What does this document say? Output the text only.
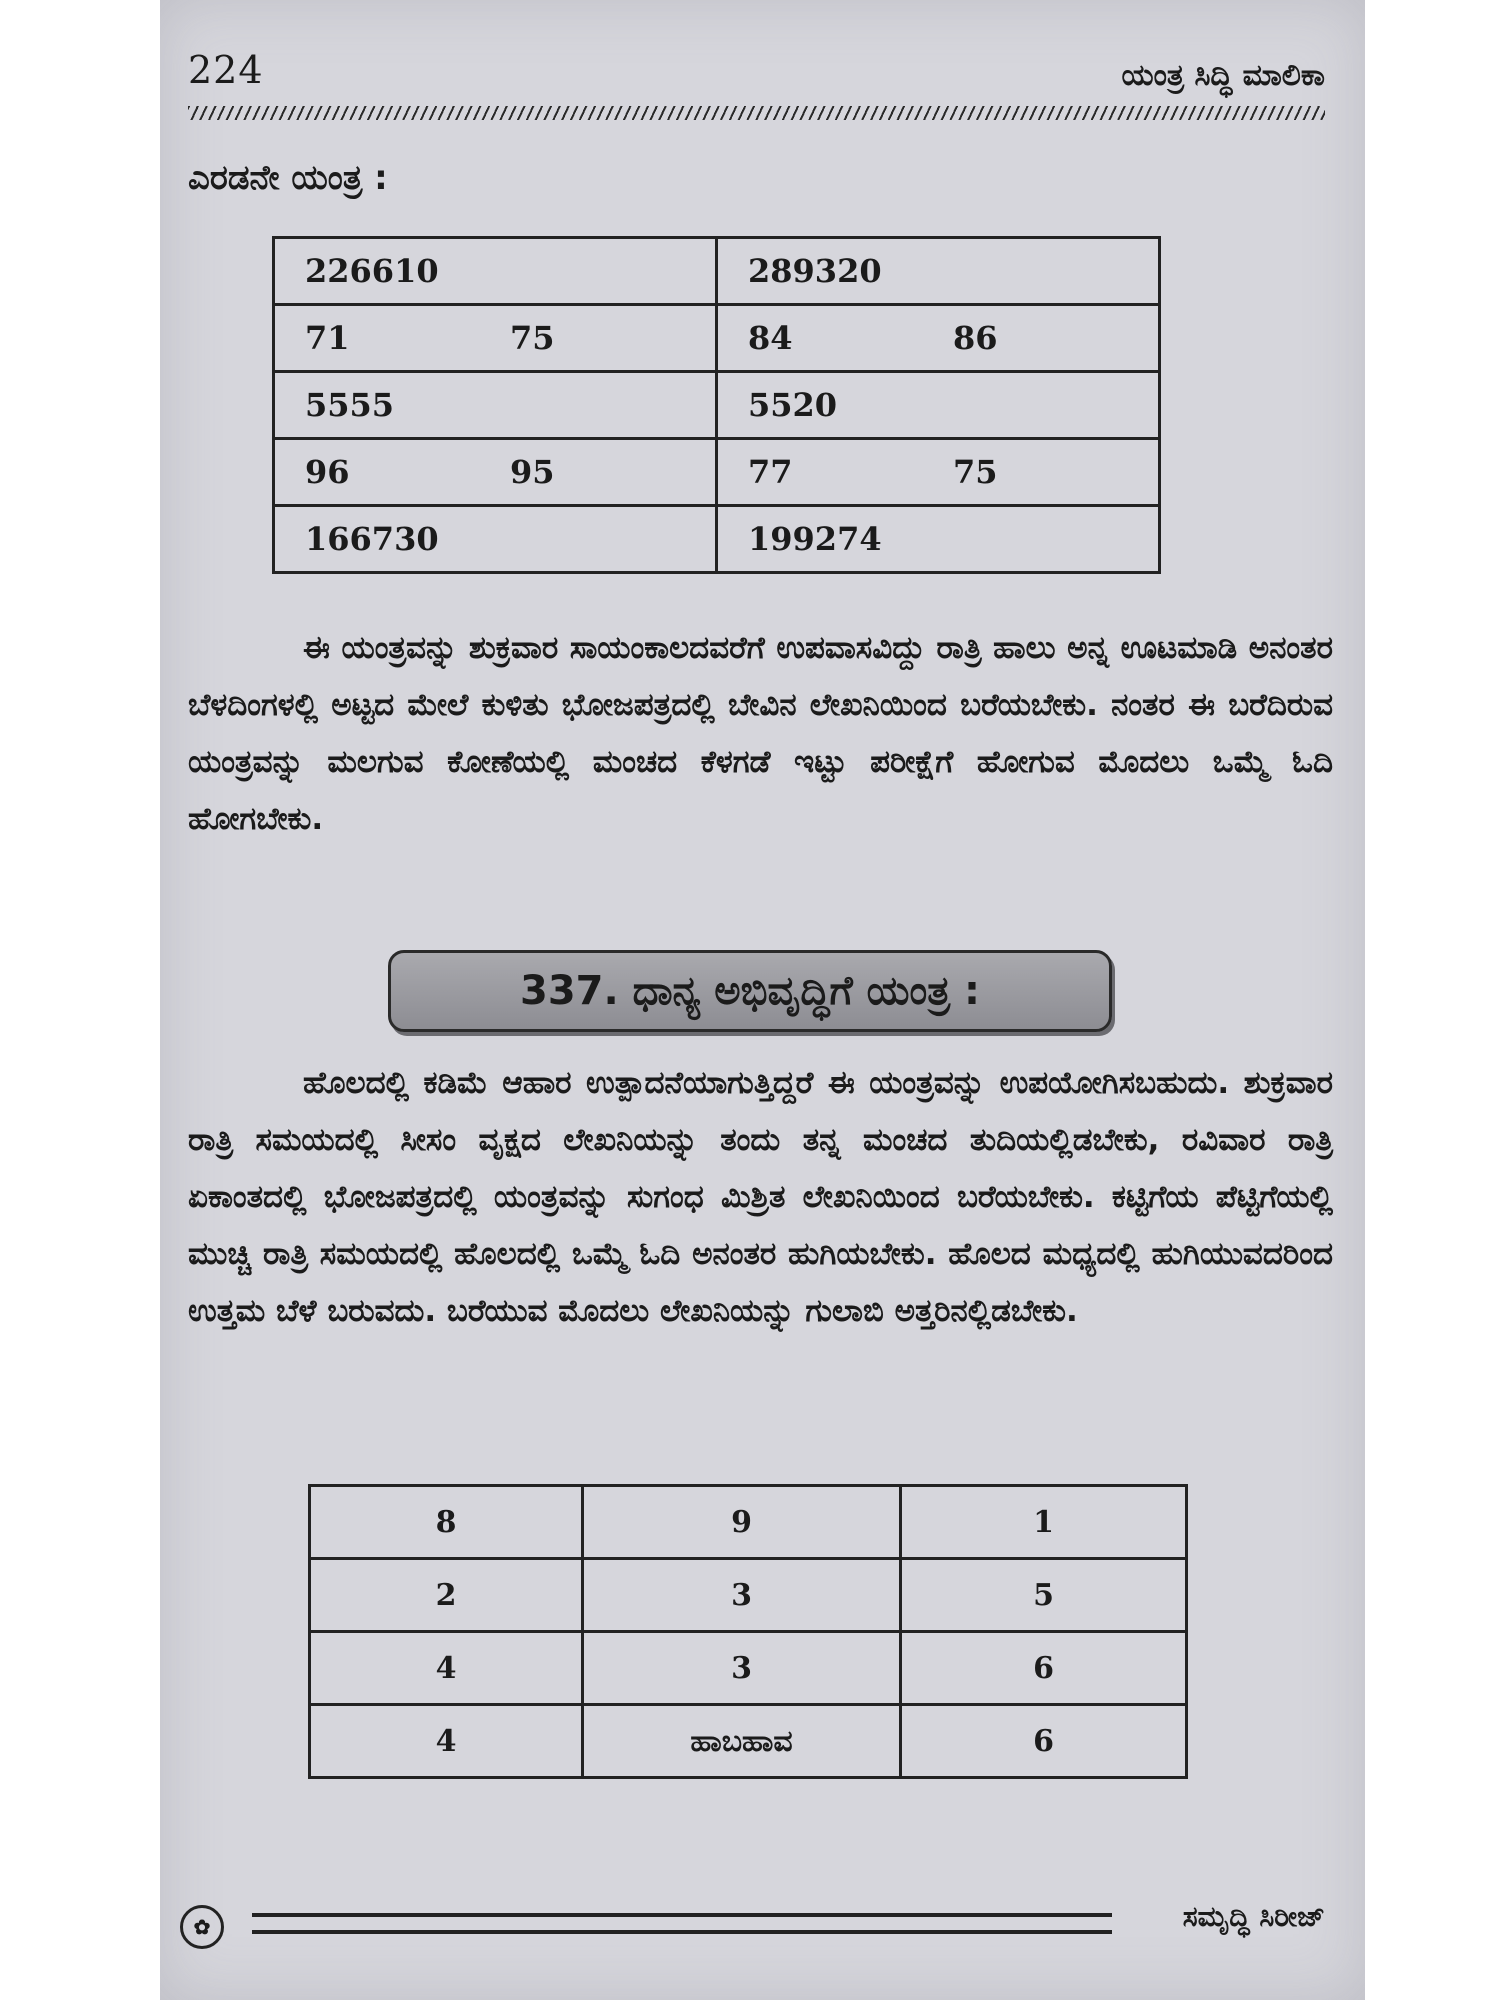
224	ಯಂತ್ರ ಸಿದ್ಧಿ ಮಾಲಿಕಾ
ಎರಡನೇ ಯಂತ್ರ :
226610	289320

71 75	84 86

5555	5520

96 95	77 75

166730	199274

ಈ ಯಂತ್ರವನ್ನು ಶುಕ್ರವಾರ ಸಾಯಂಕಾಲದವರೆಗೆ ಉಪವಾಸವಿದ್ದು ರಾತ್ರಿ ಹಾಲು ಅನ್ನ ಊಟಮಾಡಿ ಅನಂತರ ಬೆಳದಿಂಗಳಲ್ಲಿ ಅಟ್ಟದ ಮೇಲೆ ಕುಳಿತು ಭೋಜಪತ್ರದಲ್ಲಿ ಬೇವಿನ ಲೇಖನಿಯಿಂದ ಬರೆಯಬೇಕು. ನಂತರ ಈ ಬರೆದಿರುವ ಯಂತ್ರವನ್ನು ಮಲಗುವ ಕೋಣೆಯಲ್ಲಿ ಮಂಚದ ಕೆಳಗಡೆ ಇಟ್ಟು ಪರೀಕ್ಷೆಗೆ ಹೋಗುವ ಮೊದಲು ಒಮ್ಮೆ ಓದಿ ಹೋಗಬೇಕು.

337. ಧಾನ್ಯ ಅಭಿವೃದ್ಧಿಗೆ ಯಂತ್ರ :

ಹೊಲದಲ್ಲಿ ಕಡಿಮೆ ಆಹಾರ ಉತ್ಪಾದನೆಯಾಗುತ್ತಿದ್ದರೆ ಈ ಯಂತ್ರವನ್ನು ಉಪಯೋಗಿಸಬಹುದು. ಶುಕ್ರವಾರ ರಾತ್ರಿ ಸಮಯದಲ್ಲಿ ಸೀಸಂ ವೃಕ್ಷದ ಲೇಖನಿಯನ್ನು ತಂದು ತನ್ನ ಮಂಚದ ತುದಿಯಲ್ಲಿಡಬೇಕು, ರವಿವಾರ ರಾತ್ರಿ ಏಕಾಂತದಲ್ಲಿ ಭೋಜಪತ್ರದಲ್ಲಿ ಯಂತ್ರವನ್ನು ಸುಗಂಧ ಮಿಶ್ರಿತ ಲೇಖನಿಯಿಂದ ಬರೆಯಬೇಕು. ಕಟ್ಟಿಗೆಯ ಪೆಟ್ಟಿಗೆಯಲ್ಲಿ ಮುಚ್ಚಿ ರಾತ್ರಿ ಸಮಯದಲ್ಲಿ ಹೊಲದಲ್ಲಿ ಒಮ್ಮೆ ಓದಿ ಅನಂತರ ಹುಗಿಯಬೇಕು. ಹೊಲದ ಮಧ್ಯದಲ್ಲಿ ಹುಗಿಯುವದರಿಂದ ಉತ್ತಮ ಬೆಳೆ ಬರುವದು. ಬರೆಯುವ ಮೊದಲು ಲೇಖನಿಯನ್ನು ಗುಲಾಬಿ ಅತ್ತರಿನಲ್ಲಿಡಬೇಕು.

8	9	1
2	3	5
4	3	6
4	ಹಾಬಹಾವ	6
✿	ಸಮೃದ್ಧಿ ಸಿರೀಜ್
